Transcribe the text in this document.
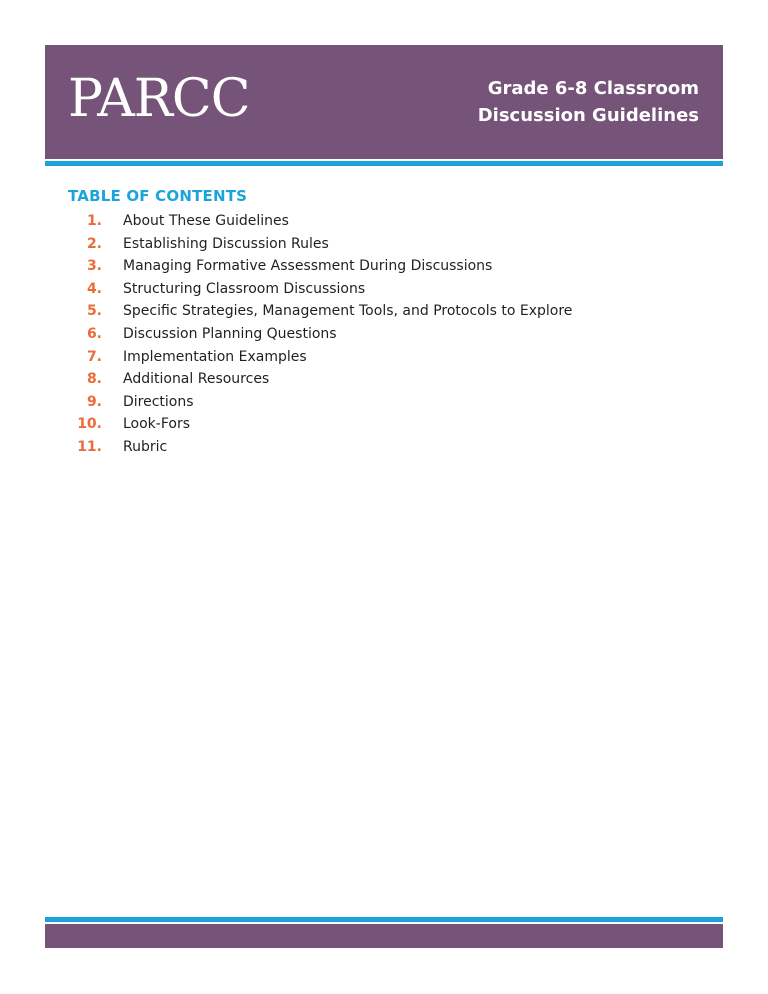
PARCC	Grade 6-8 Classroom
Discussion Guidelines
TABLE OF CONTENTS
1. About These Guidelines
2. Establishing Discussion Rules
3. Managing Formative Assessment During Discussions
4. Structuring Classroom Discussions
5. Specific Strategies, Management Tools, and Protocols to Explore
6. Discussion Planning Questions
7. Implementation Examples
8. Additional Resources
9. Directions
10. Look-Fors
11. Rubric
